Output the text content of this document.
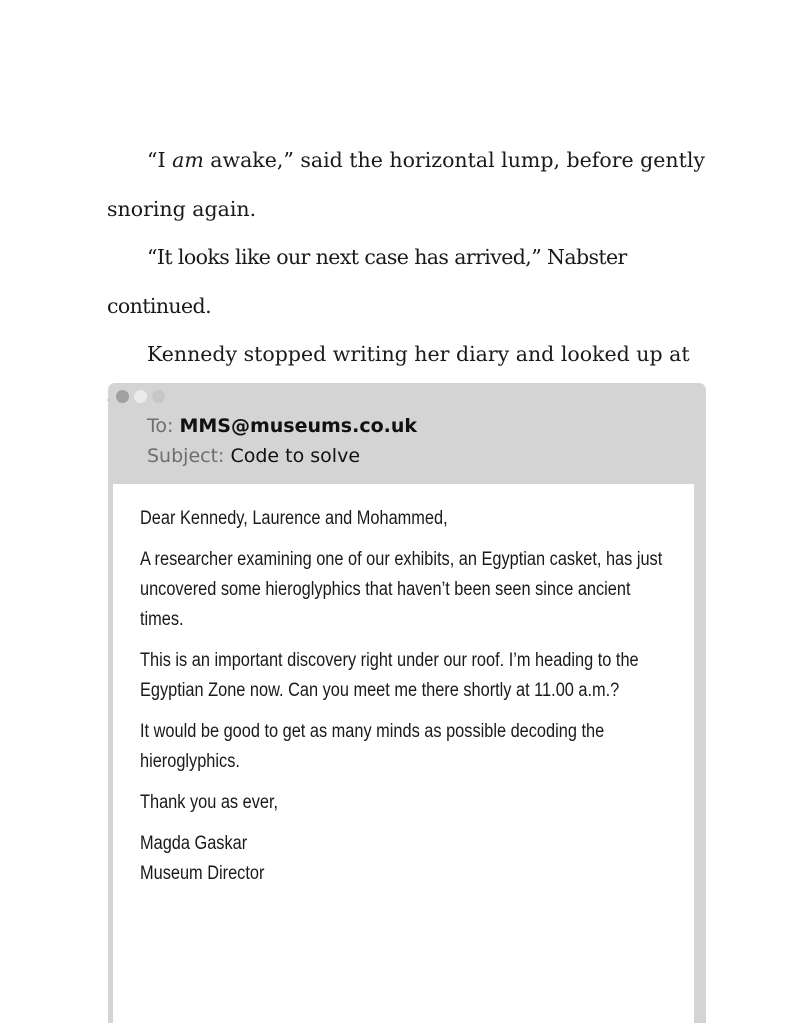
“I am awake,” said the horizontal lump, before gently snoring again.

“It looks like our next case has arrived,” Nabster continued.

Kennedy stopped writing her diary and looked up at

To: MMS@museums.co.uk
Subject: Code to solve

Dear Kennedy, Laurence and Mohammed,

A researcher examining one of our exhibits, an Egyptian casket, has just uncovered some hieroglyphics that haven’t been seen since ancient times.

This is an important discovery right under our roof. I’m heading to the Egyptian Zone now. Can you meet me there shortly at 11.00 a.m.?

It would be good to get as many minds as possible decoding the hieroglyphics.

Thank you as ever,

Magda Gaskar

Museum Director
